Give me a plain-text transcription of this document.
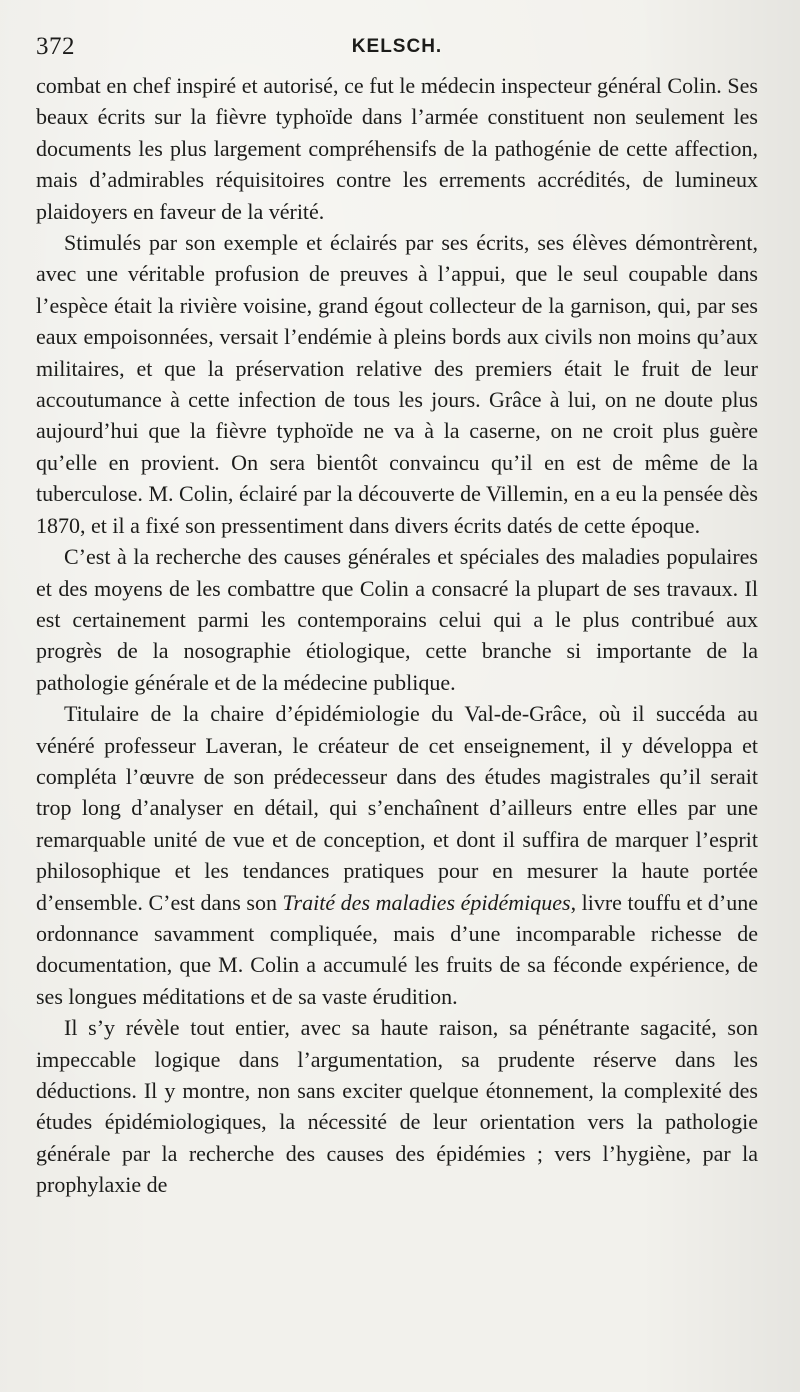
372	KELSCH.

combat en chef inspiré et autorisé, ce fut le médecin inspecteur général Colin. Ses beaux écrits sur la fièvre typhoïde dans l’armée constituent non seulement les documents les plus largement compréhensifs de la pathogénie de cette affection, mais d’admirables réquisitoires contre les errements accrédités, de lumineux plaidoyers en faveur de la vérité.

Stimulés par son exemple et éclairés par ses écrits, ses élèves démontrèrent, avec une véritable profusion de preuves à l’appui, que le seul coupable dans l’espèce était la rivière voisine, grand égout collecteur de la garnison, qui, par ses eaux empoisonnées, versait l’endémie à pleins bords aux civils non moins qu’aux militaires, et que la préservation relative des premiers était le fruit de leur accoutumance à cette infection de tous les jours. Grâce à lui, on ne doute plus aujourd’hui que la fièvre typhoïde ne va à la caserne, on ne croit plus guère qu’elle en provient. On sera bientôt convaincu qu’il en est de même de la tuberculose. M. Colin, éclairé par la découverte de Villemin, en a eu la pensée dès 1870, et il a fixé son pressentiment dans divers écrits datés de cette époque.

C’est à la recherche des causes générales et spéciales des maladies populaires et des moyens de les combattre que Colin a consacré la plupart de ses travaux. Il est certainement parmi les contemporains celui qui a le plus contribué aux progrès de la nosographie étiologique, cette branche si importante de la pathologie générale et de la médecine publique.

Titulaire de la chaire d’épidémiologie du Val-de-Grâce, où il succéda au vénéré professeur Laveran, le créateur de cet enseignement, il y développa et compléta l’œuvre de son prédecesseur dans des études magistrales qu’il serait trop long d’analyser en détail, qui s’enchaînent d’ailleurs entre elles par une remarquable unité de vue et de conception, et dont il suffira de marquer l’esprit philosophique et les tendances pratiques pour en mesurer la haute portée d’ensemble. C’est dans son Traité des maladies épidémiques, livre touffu et d’une ordonnance savamment compliquée, mais d’une incomparable richesse de documentation, que M. Colin a accumulé les fruits de sa féconde expérience, de ses longues méditations et de sa vaste érudition.

Il s’y révèle tout entier, avec sa haute raison, sa pénétrante sagacité, son impeccable logique dans l’argumentation, sa prudente réserve dans les déductions. Il y montre, non sans exciter quelque étonnement, la complexité des études épidémiologiques, la nécessité de leur orientation vers la pathologie générale par la recherche des causes des épidémies ; vers l’hygiène, par la prophylaxie de
